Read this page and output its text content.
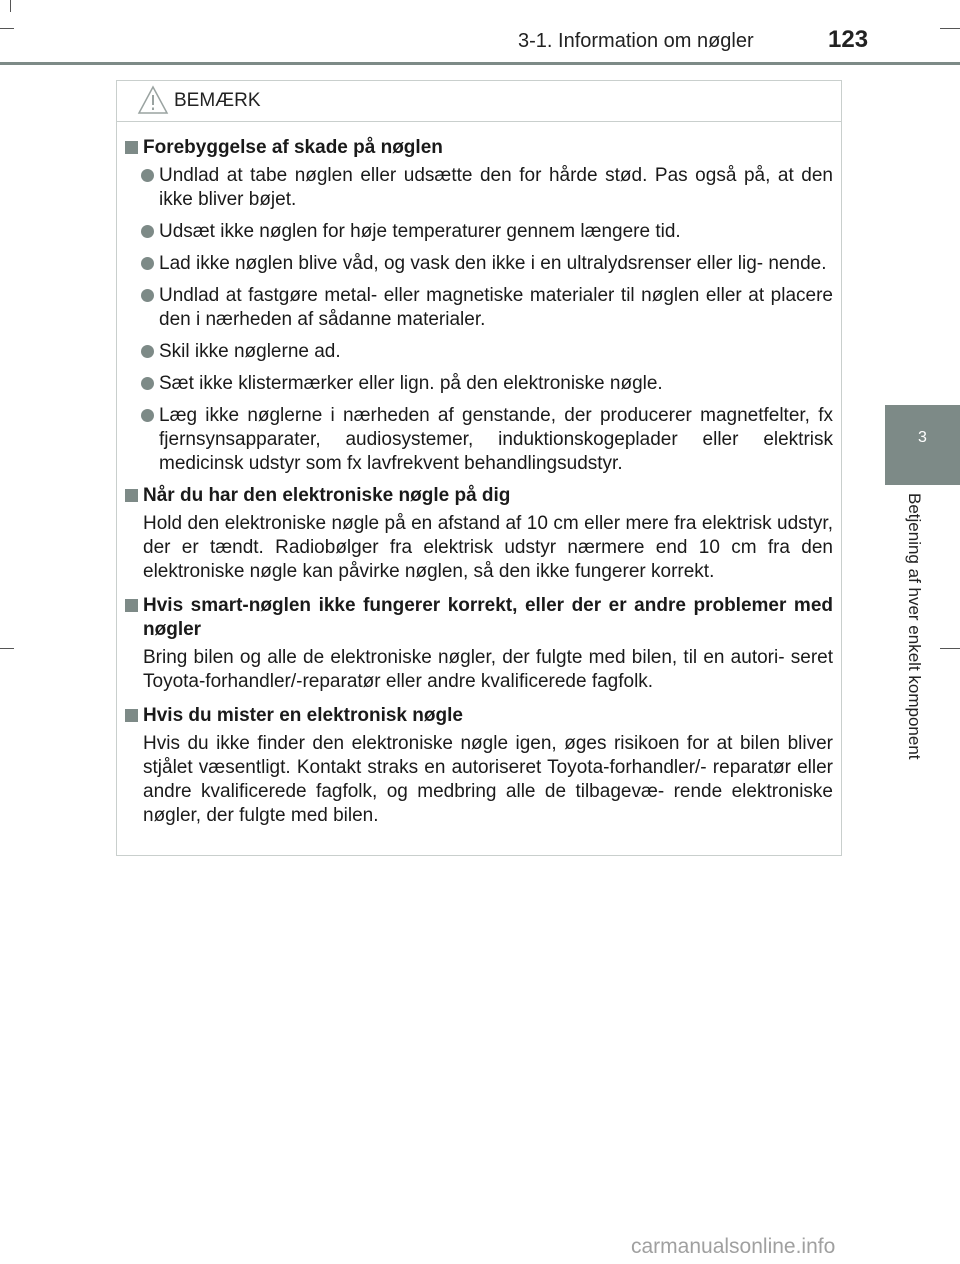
3-1. Information om nøgler	123
3
Betjening af hver enkelt komponent
BEMÆRK
Forebyggelse af skade på nøglen
Undlad at tabe nøglen eller udsætte den for hårde stød. Pas også på, at den ikke bliver bøjet.
Udsæt ikke nøglen for høje temperaturer gennem længere tid.
Lad ikke nøglen blive våd, og vask den ikke i en ultralydsrenser eller lig- nende.
Undlad at fastgøre metal- eller magnetiske materialer til nøglen eller at placere den i nærheden af sådanne materialer.
Skil ikke nøglerne ad.
Sæt ikke klistermærker eller lign. på den elektroniske nøgle.
Læg ikke nøglerne i nærheden af genstande, der producerer magnetfelter, fx fjernsynsapparater, audiosystemer, induktionskogeplader eller elektrisk medicinsk udstyr som fx lavfrekvent behandlingsudstyr.
Når du har den elektroniske nøgle på dig
Hold den elektroniske nøgle på en afstand af 10 cm eller mere fra elektrisk udstyr, der er tændt. Radiobølger fra elektrisk udstyr nærmere end 10 cm fra den elektroniske nøgle kan påvirke nøglen, så den ikke fungerer korrekt.
Hvis smart-nøglen ikke fungerer korrekt, eller der er andre problemer med nøgler
Bring bilen og alle de elektroniske nøgler, der fulgte med bilen, til en autori- seret Toyota-forhandler/-reparatør eller andre kvalificerede fagfolk.
Hvis du mister en elektronisk nøgle
Hvis du ikke finder den elektroniske nøgle igen, øges risikoen for at bilen bliver stjålet væsentligt. Kontakt straks en autoriseret Toyota-forhandler/- reparatør eller andre kvalificerede fagfolk, og medbring alle de tilbagevæ- rende elektroniske nøgler, der fulgte med bilen.
carmanualsonline.info
